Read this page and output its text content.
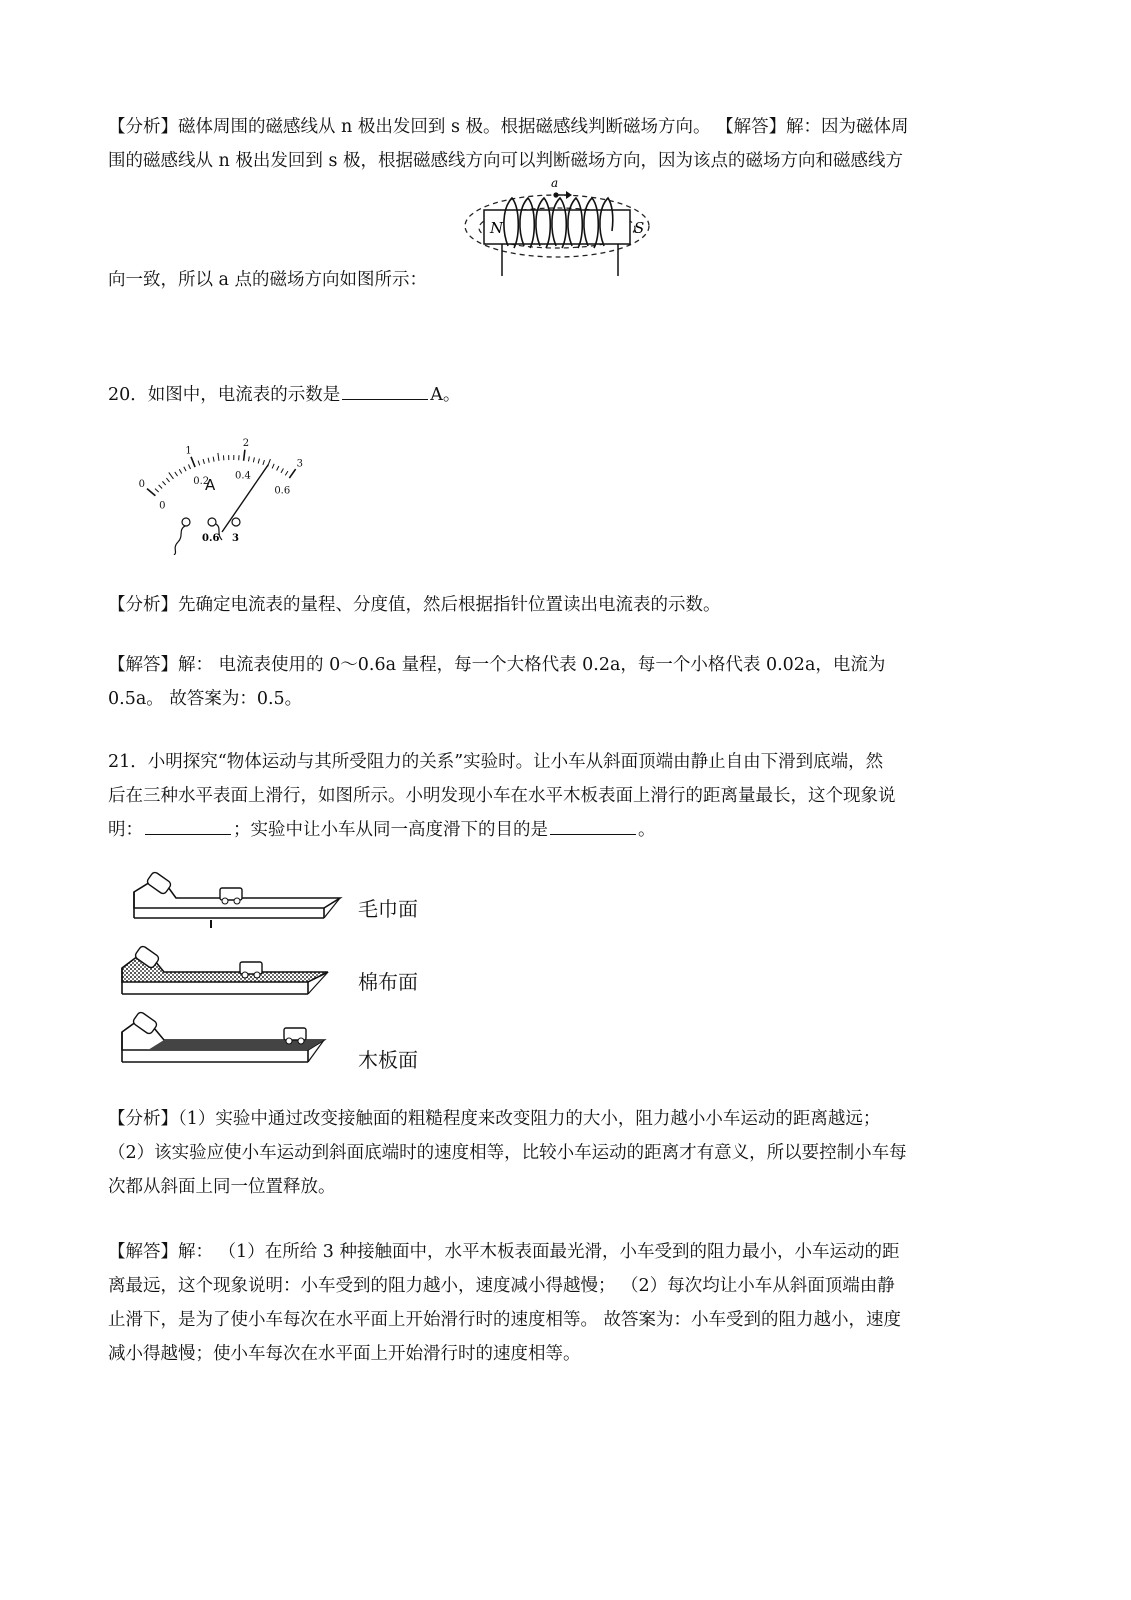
【分析】磁体周围的磁感线从 n 极出发回到 s 极。根据磁感线判断磁场方向。 【解答】解：因为磁体周

围的磁感线从 n 极出发回到 s 极，根据磁感线方向可以判断磁场方向，因为该点的磁场方向和磁感线方

a
N	S

向一致，所以 a 点的磁场方向如图所示：

20．如图中，电流表的示数是	A。

0
1
2
3
0
0.2	0.4
0.6
A
0.6 3

【分析】先确定电流表的量程、分度值，然后根据指针位置读出电流表的示数。

【解答】解： 电流表使用的 0～0.6a 量程，每一个大格代表 0.2a，每一个小格代表 0.02a，电流为

0.5a。 故答案为：0.5。

21．小明探究“物体运动与其所受阻力的关系”实验时。让小车从斜面顶端由静止自由下滑到底端，然

后在三种水平表面上滑行，如图所示。小明发现小车在水平木板表面上滑行的距离量最长，这个现象说

明：	；实验中让小车从同一高度滑下的目的是	。

毛巾面
棉布面
木板面

【分析】（1）实验中通过改变接触面的粗糙程度来改变阻力的大小，阻力越小小车运动的距离越远；

（2）该实验应使小车运动到斜面底端时的速度相等，比较小车运动的距离才有意义，所以要控制小车每

次都从斜面上同一位置释放。

【解答】解： （1）在所给 3 种接触面中，水平木板表面最光滑，小车受到的阻力最小，小车运动的距

离最远，这个现象说明：小车受到的阻力越小，速度减小得越慢； （2）每次均让小车从斜面顶端由静

止滑下，是为了使小车每次在水平面上开始滑行时的速度相等。 故答案为：小车受到的阻力越小，速度

减小得越慢；使小车每次在水平面上开始滑行时的速度相等。
